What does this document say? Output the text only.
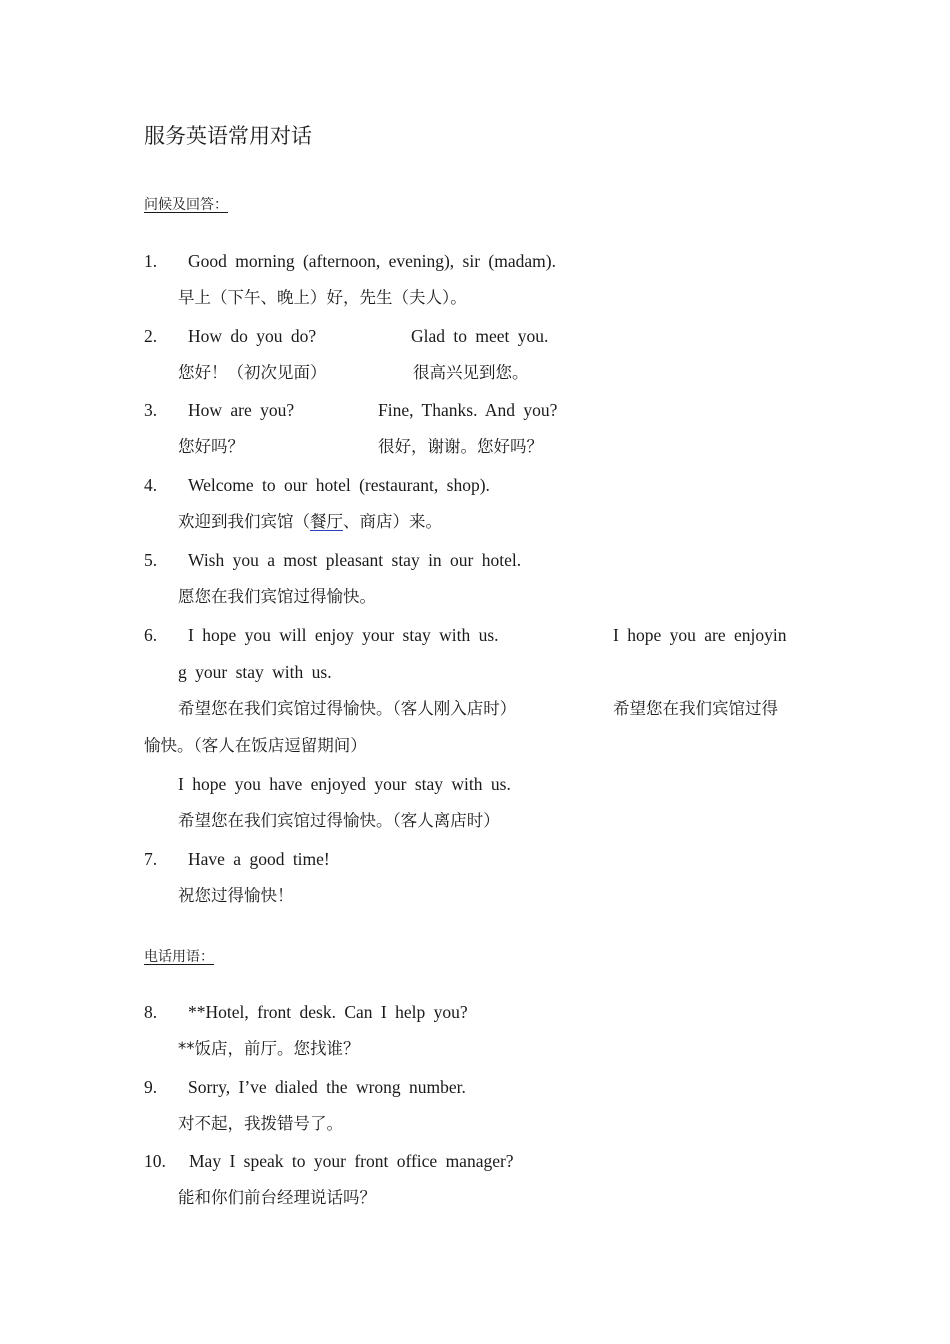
服务英语常用对话
问候及回答：
1. Good morning (afternoon, evening), sir (madam).
早上（下午、晚上）好，先生（夫人）。
2. How do you do?	Glad to meet you.
您好！（初次见面）	很高兴见到您。
3. How are you?	Fine, Thanks. And you?
您好吗？	很好，谢谢。您好吗？
4. Welcome to our hotel (restaurant, shop).
欢迎到我们宾馆（餐厅、商店）来。
5. Wish you a most pleasant stay in our hotel.
愿您在我们宾馆过得愉快。
6. I hope you will enjoy your stay with us.	I hope you are enjoyin
g your stay with us.
希望您在我们宾馆过得愉快。（客人刚入店时）	希望您在我们宾馆过得
愉快。（客人在饭店逗留期间）
I hope you have enjoyed your stay with us.
希望您在我们宾馆过得愉快。（客人离店时）
7. Have a good time!
祝您过得愉快！
电话用语：
8. **Hotel, front desk. Can I help you?
**饭店，前厅。您找谁？
9. Sorry, I’ve dialed the wrong number.
对不起，我拨错号了。
10. May I speak to your front office manager?
能和你们前台经理说话吗？
